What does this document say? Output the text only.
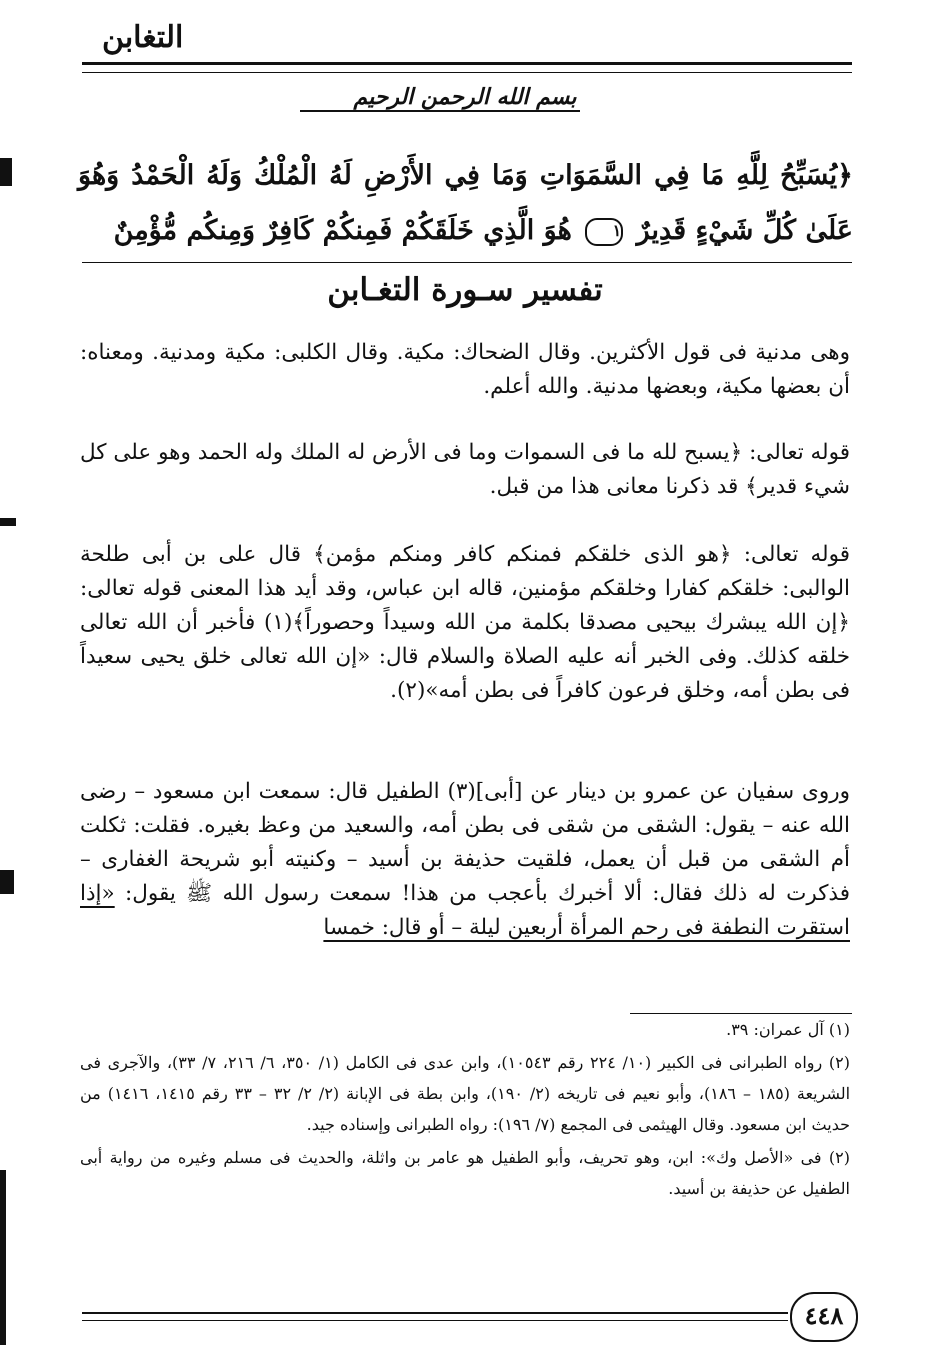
التغابن
بسم الله الرحمن الرحيم
﴿يُسَبِّحُ لِلَّهِ مَا فِي السَّمَوَاتِ وَمَا فِي الأَرْضِ لَهُ الْمُلْكُ وَلَهُ الْحَمْدُ وَهُوَ عَلَىٰ كُلِّ شَيْءٍ قَدِيرٌ ١ هُوَ الَّذِي خَلَقَكُمْ فَمِنكُمْ كَافِرٌ وَمِنكُم مُّؤْمِنٌ
تفسير سـورة التغـابن
وهى مدنية فى قول الأكثرين. وقال الضحاك: مكية. وقال الكلبى: مكية ومدنية. ومعناه: أن بعضها مكية، وبعضها مدنية. والله أعلم.
قوله تعالى: ﴿يسبح لله ما فى السموات وما فى الأرض له الملك وله الحمد وهو على كل شيء قدير﴾ قد ذكرنا معانى هذا من قبل.
قوله تعالى: ﴿هو الذى خلقكم فمنكم كافر ومنكم مؤمن﴾ قال على بن أبى طلحة الوالبى: خلقكم كفارا وخلقكم مؤمنين، قاله ابن عباس، وقد أيد هذا المعنى قوله تعالى: ﴿إن الله يبشرك بيحيى مصدقا بكلمة من الله وسيداً وحصوراً﴾(١) فأخبر أن الله تعالى خلقه كذلك. وفى الخبر أنه عليه الصلاة والسلام قال: «إن الله تعالى خلق يحيى سعيداً فى بطن أمه، وخلق فرعون كافراً فى بطن أمه»(٢).
وروى سفيان عن عمرو بن دينار عن [أبى](٣) الطفيل قال: سمعت ابن مسعود – رضى الله عنه – يقول: الشقى من شقى فى بطن أمه، والسعيد من وعظ بغيره. فقلت: ثكلت أم الشقى من قبل أن يعمل، فلقيت حذيفة بن أسيد – وكنيته أبو شريحة الغفارى – فذكرت له ذلك فقال: ألا أخبرك بأعجب من هذا! سمعت رسول الله ﷺ يقول: «إذا استقرت النطفة فى رحم المرأة أربعين ليلة – أو قال: خمسا

(١) آل عمران: ٣٩.

(٢) رواه الطبرانى فى الكبير (١٠/ ٢٢٤ رقم ١٠٥٤٣)، وابن عدى فى الكامل (١/ ٣٥٠، ٦/ ٢١٦، ٧/ ٣٣)، والآجرى فى الشريعة (١٨٥ – ١٨٦)، وأبو نعيم فى تاريخه (٢/ ١٩٠)، وابن بطة فى الإبانة (٢/ ٢/ ٣٢ – ٣٣ رقم ١٤١٥، ١٤١٦) من حديث ابن مسعود. وقال الهيثمى فى المجمع (٧/ ١٩٦): رواه الطبرانى وإسناده جيد.

(٢) فى «الأصل وك»: ابن، وهو تحريف، وأبو الطفيل هو عامر بن واثلة، والحديث فى مسلم وغيره من رواية أبى الطفيل عن حذيفة بن أسيد.

٤٤٨
